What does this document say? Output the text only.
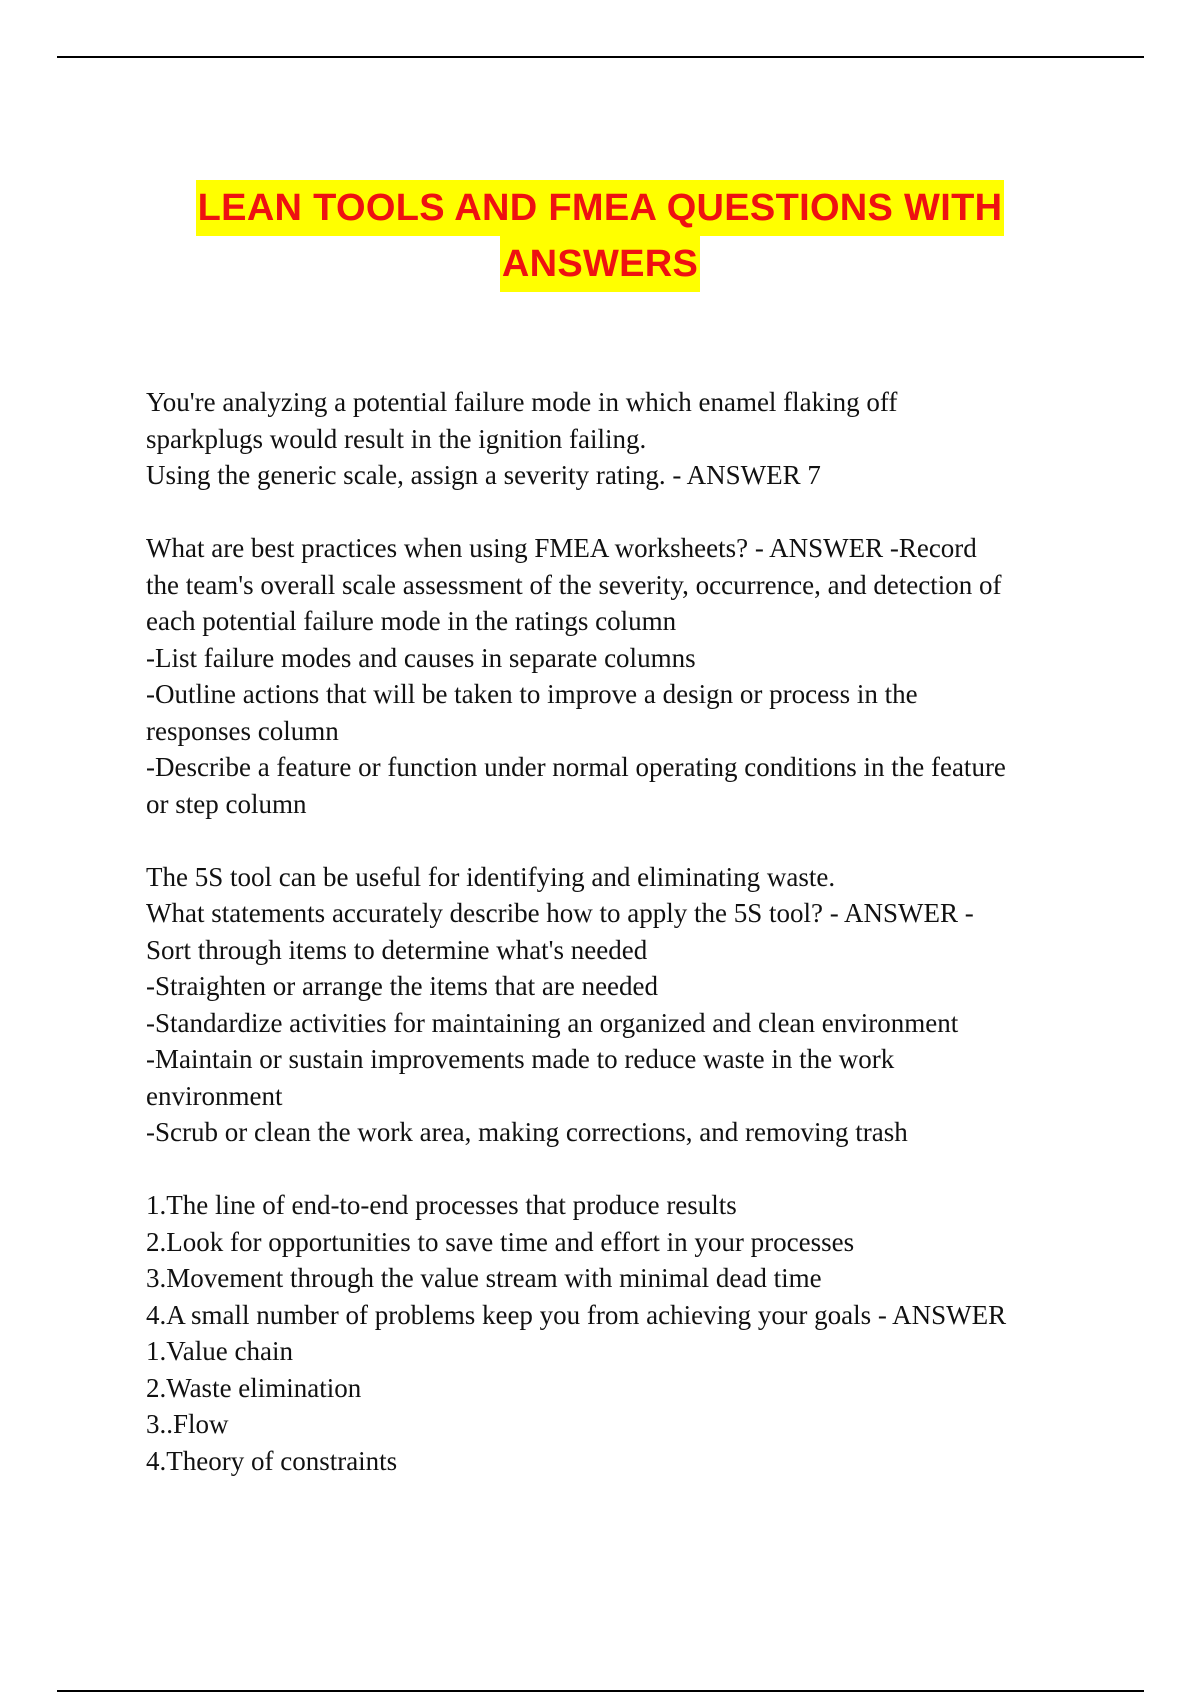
LEAN TOOLS AND FMEA QUESTIONS WITH
ANSWERS
You're analyzing a potential failure mode in which enamel flaking off
sparkplugs would result in the ignition failing.
Using the generic scale, assign a severity rating. - ANSWER 7
What are best practices when using FMEA worksheets? - ANSWER -Record
the team's overall scale assessment of the severity, occurrence, and detection of
each potential failure mode in the ratings column
-List failure modes and causes in separate columns
-Outline actions that will be taken to improve a design or process in the
responses column
-Describe a feature or function under normal operating conditions in the feature
or step column
The 5S tool can be useful for identifying and eliminating waste.
What statements accurately describe how to apply the 5S tool? - ANSWER -
Sort through items to determine what's needed
-Straighten or arrange the items that are needed
-Standardize activities for maintaining an organized and clean environment
-Maintain or sustain improvements made to reduce waste in the work
environment
-Scrub or clean the work area, making corrections, and removing trash
1.The line of end-to-end processes that produce results
2.Look for opportunities to save time and effort in your processes
3.Movement through the value stream with minimal dead time
4.A small number of problems keep you from achieving your goals - ANSWER
1.Value chain
2.Waste elimination
3..Flow
4.Theory of constraints
